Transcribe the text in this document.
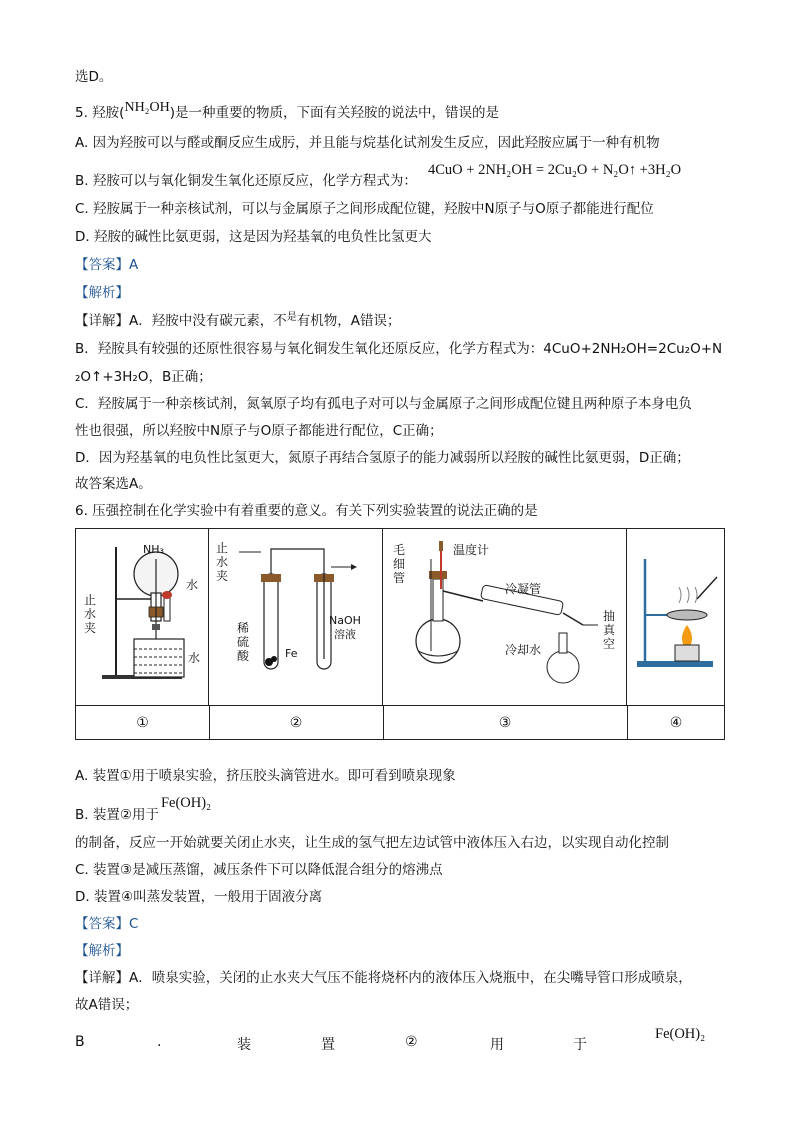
选D。
5. 羟胺(NH₂OH)是一种重要的物质，下面有关羟胺的说法中，错误的是
A. 因为羟胺可以与醛或酮反应生成肟，并且能与烷基化试剂发生反应，因此羟胺应属于一种有机物
B. 羟胺可以与氧化铜发生氧化还原反应，化学方程式为：
4CuO + 2NH₂OH = 2Cu₂O + N₂O↑ +3H₂O
C. 羟胺属于一种亲核试剂，可以与金属原子之间形成配位键，羟胺中N原子与O原子都能进行配位
D. 羟胺的碱性比氨更弱，这是因为羟基氧的电负性比氢更大
【答案】A
【解析】
【详解】A．羟胺中没有碳元素，不$^是$有机物，A错误；
B．羟胺具有较强的还原性很容易与氧化铜发生氧化还原反应，化学方程式为：4CuO+2NH₂OH=2Cu₂O+N
₂O↑+3H₂O，B正确；
C．羟胺属于一种亲核试剂，氮氧原子均有孤电子对可以与金属原子之间形成配位键且两种原子本身电负
性也很强，所以羟胺中N原子与O原子都能进行配位，C正确；
D．因为羟基氧的电负性比氢更大，氮原子再结合氢原子的能力减弱所以羟胺的碱性比氨更弱，D正确；
故答案选A。
6. 压强控制在化学实验中有着重要的意义。有关下列实验装置的说法正确的是
NH₃
水
止
水
夹
水
止
水
夹
稀
硫
酸	Fe
NaOH
溶液
毛
细
管
温度计
冷凝管
冷却水
抽
真
空
①	②	③	④
A. 装置①用于喷泉实验，挤压胶头滴管进水。即可看到喷泉现象
B. 装置②用于Fe(OH)₂
的制备，反应一开始就要关闭止水夹，让生成的氢气把左边试管中液体压入右边，以实现自动化控制
C. 装置③是减压蒸馏，减压条件下可以降低混合组分的熔沸点
D. 装置④叫蒸发装置，一般用于固液分离
【答案】C
【解析】
【详解】A．喷泉实验，关闭的止水夹大气压不能将烧杯内的液体压入烧瓶中，在尖嘴导管口形成喷泉，
故A错误；
B	.	装	置	②	用	于
Fe(OH)₂
